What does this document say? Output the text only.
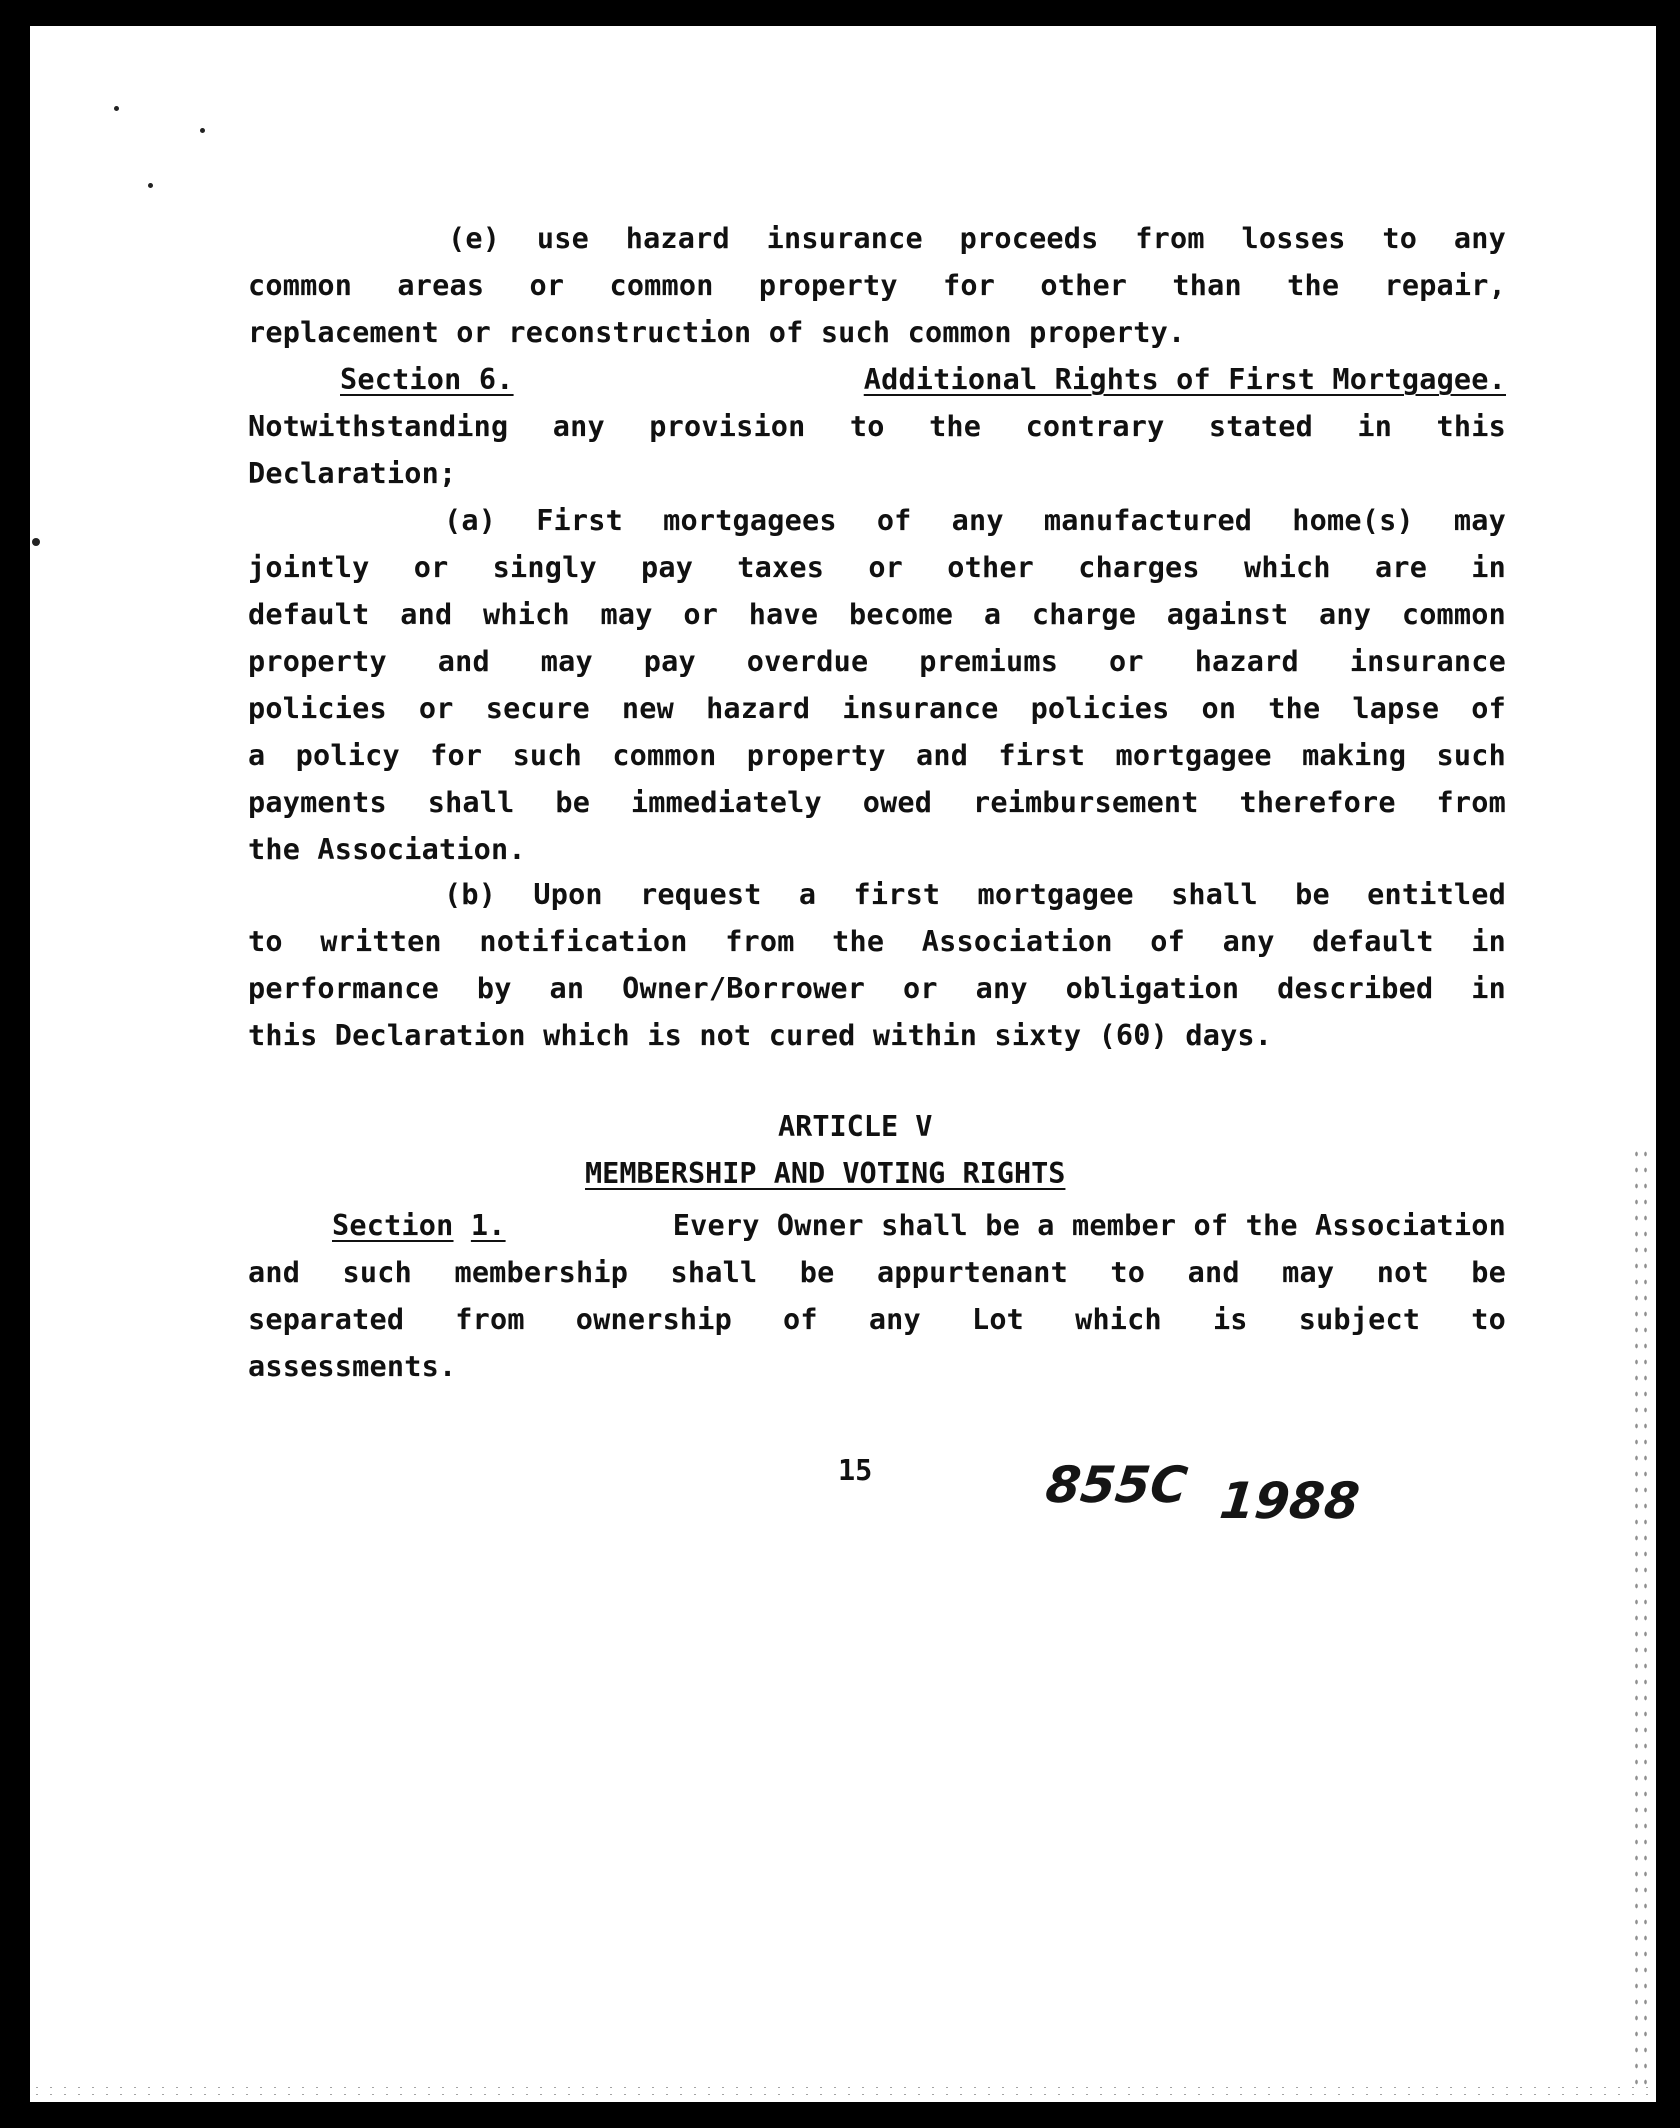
(e) use hazard insurance proceeds from losses to any
common areas or common property for other than the repair,
replacement or reconstruction of such common property.
Section 6.	Additional Rights of First Mortgagee.
Notwithstanding any provision to the contrary stated in this
Declaration;
(a) First mortgagees of any manufactured home(s) may
jointly or singly pay taxes or other charges which are in
default and which may or have become a charge against any common
property and may pay overdue premiums or hazard insurance
policies or secure new hazard insurance policies on the lapse of
a policy for such common property and first mortgagee making such
payments shall be immediately owed reimbursement therefore from
the Association.
(b) Upon request a first mortgagee shall be entitled
to written notification from the Association of any default in
performance by an Owner/Borrower or any obligation described in
this Declaration which is not cured within sixty (60) days.
Section 1.	Every Owner shall be a member of the Association
and such membership shall be appurtenant to and may not be
separated from ownership of any Lot which is subject to
assessments.
ARTICLE V
MEMBERSHIP AND VOTING RIGHTS
15	855C 1988
